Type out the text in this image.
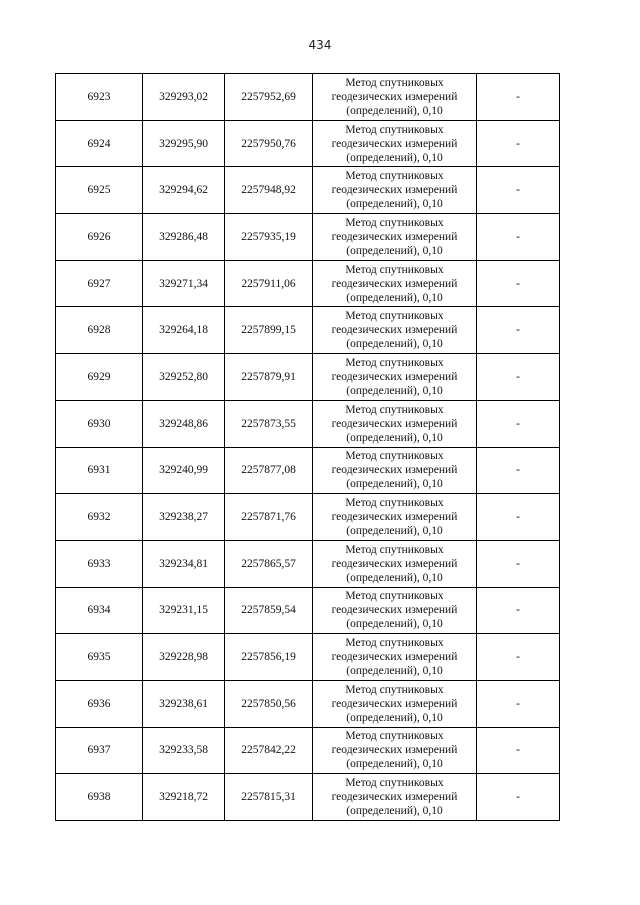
434
6923	329293,02	2257952,69	Метод спутниковых
геодезических измерений
(определений), 0,10	-
6924	329295,90	2257950,76	Метод спутниковых
геодезических измерений
(определений), 0,10	-
6925	329294,62	2257948,92	Метод спутниковых
геодезических измерений
(определений), 0,10	-
6926	329286,48	2257935,19	Метод спутниковых
геодезических измерений
(определений), 0,10	-
6927	329271,34	2257911,06	Метод спутниковых
геодезических измерений
(определений), 0,10	-
6928	329264,18	2257899,15	Метод спутниковых
геодезических измерений
(определений), 0,10	-
6929	329252,80	2257879,91	Метод спутниковых
геодезических измерений
(определений), 0,10	-
6930	329248,86	2257873,55	Метод спутниковых
геодезических измерений
(определений), 0,10	-
6931	329240,99	2257877,08	Метод спутниковых
геодезических измерений
(определений), 0,10	-
6932	329238,27	2257871,76	Метод спутниковых
геодезических измерений
(определений), 0,10	-
6933	329234,81	2257865,57	Метод спутниковых
геодезических измерений
(определений), 0,10	-
6934	329231,15	2257859,54	Метод спутниковых
геодезических измерений
(определений), 0,10	-
6935	329228,98	2257856,19	Метод спутниковых
геодезических измерений
(определений), 0,10	-
6936	329238,61	2257850,56	Метод спутниковых
геодезических измерений
(определений), 0,10	-
6937	329233,58	2257842,22	Метод спутниковых
геодезических измерений
(определений), 0,10	-
6938	329218,72	2257815,31	Метод спутниковых
геодезических измерений
(определений), 0,10	-
